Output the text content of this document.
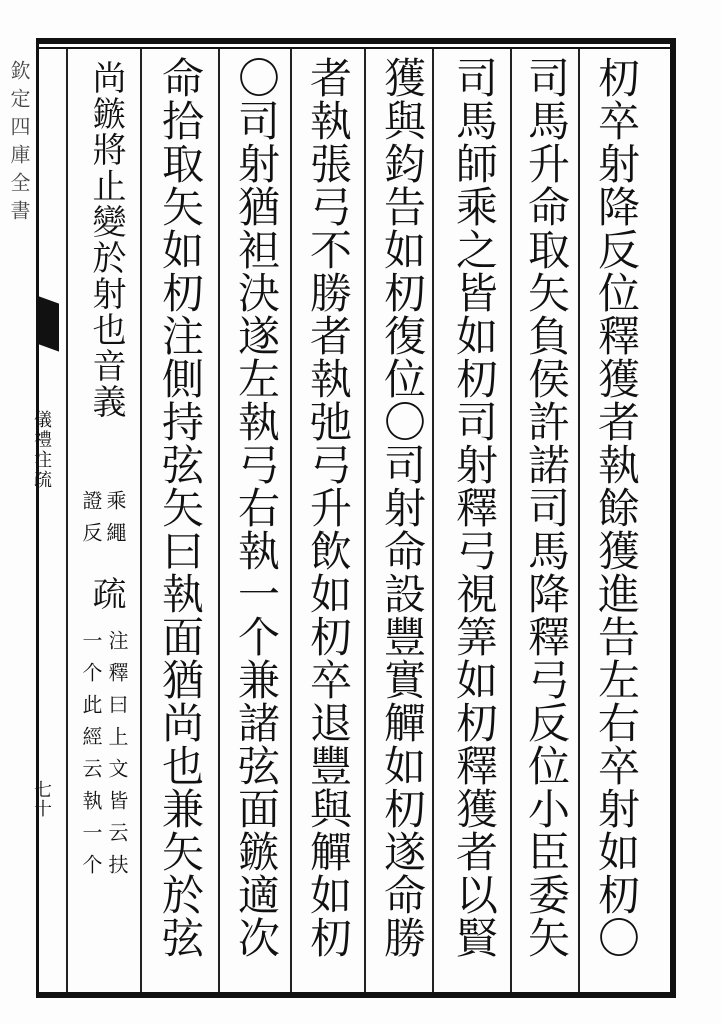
欽定四庫全書
儀禮注疏
七十	朷卒射降反位釋獲者執餘獲進告左右卒射如朷〇
司馬升命取矢負侯許諾司馬降釋弓反位小臣委矢
司馬師乘之皆如朷司射釋弓視筭如朷釋獲者以賢
獲與鈞告如朷復位〇司射命設豐實觶如朷遂命勝
者執張弓不勝者執弛弓升飲如朷卒退豐與觶如朷
〇司射猶袒決遂左執弓右執一个兼諸弦面鏃適次
命拾取矢如朷注側持弦矢曰執面猶尚也兼矢於弦
尚鏃將止變於射也音義
乘繩
證反
疏
注釋曰上文皆云扶
一个此經云執一个
